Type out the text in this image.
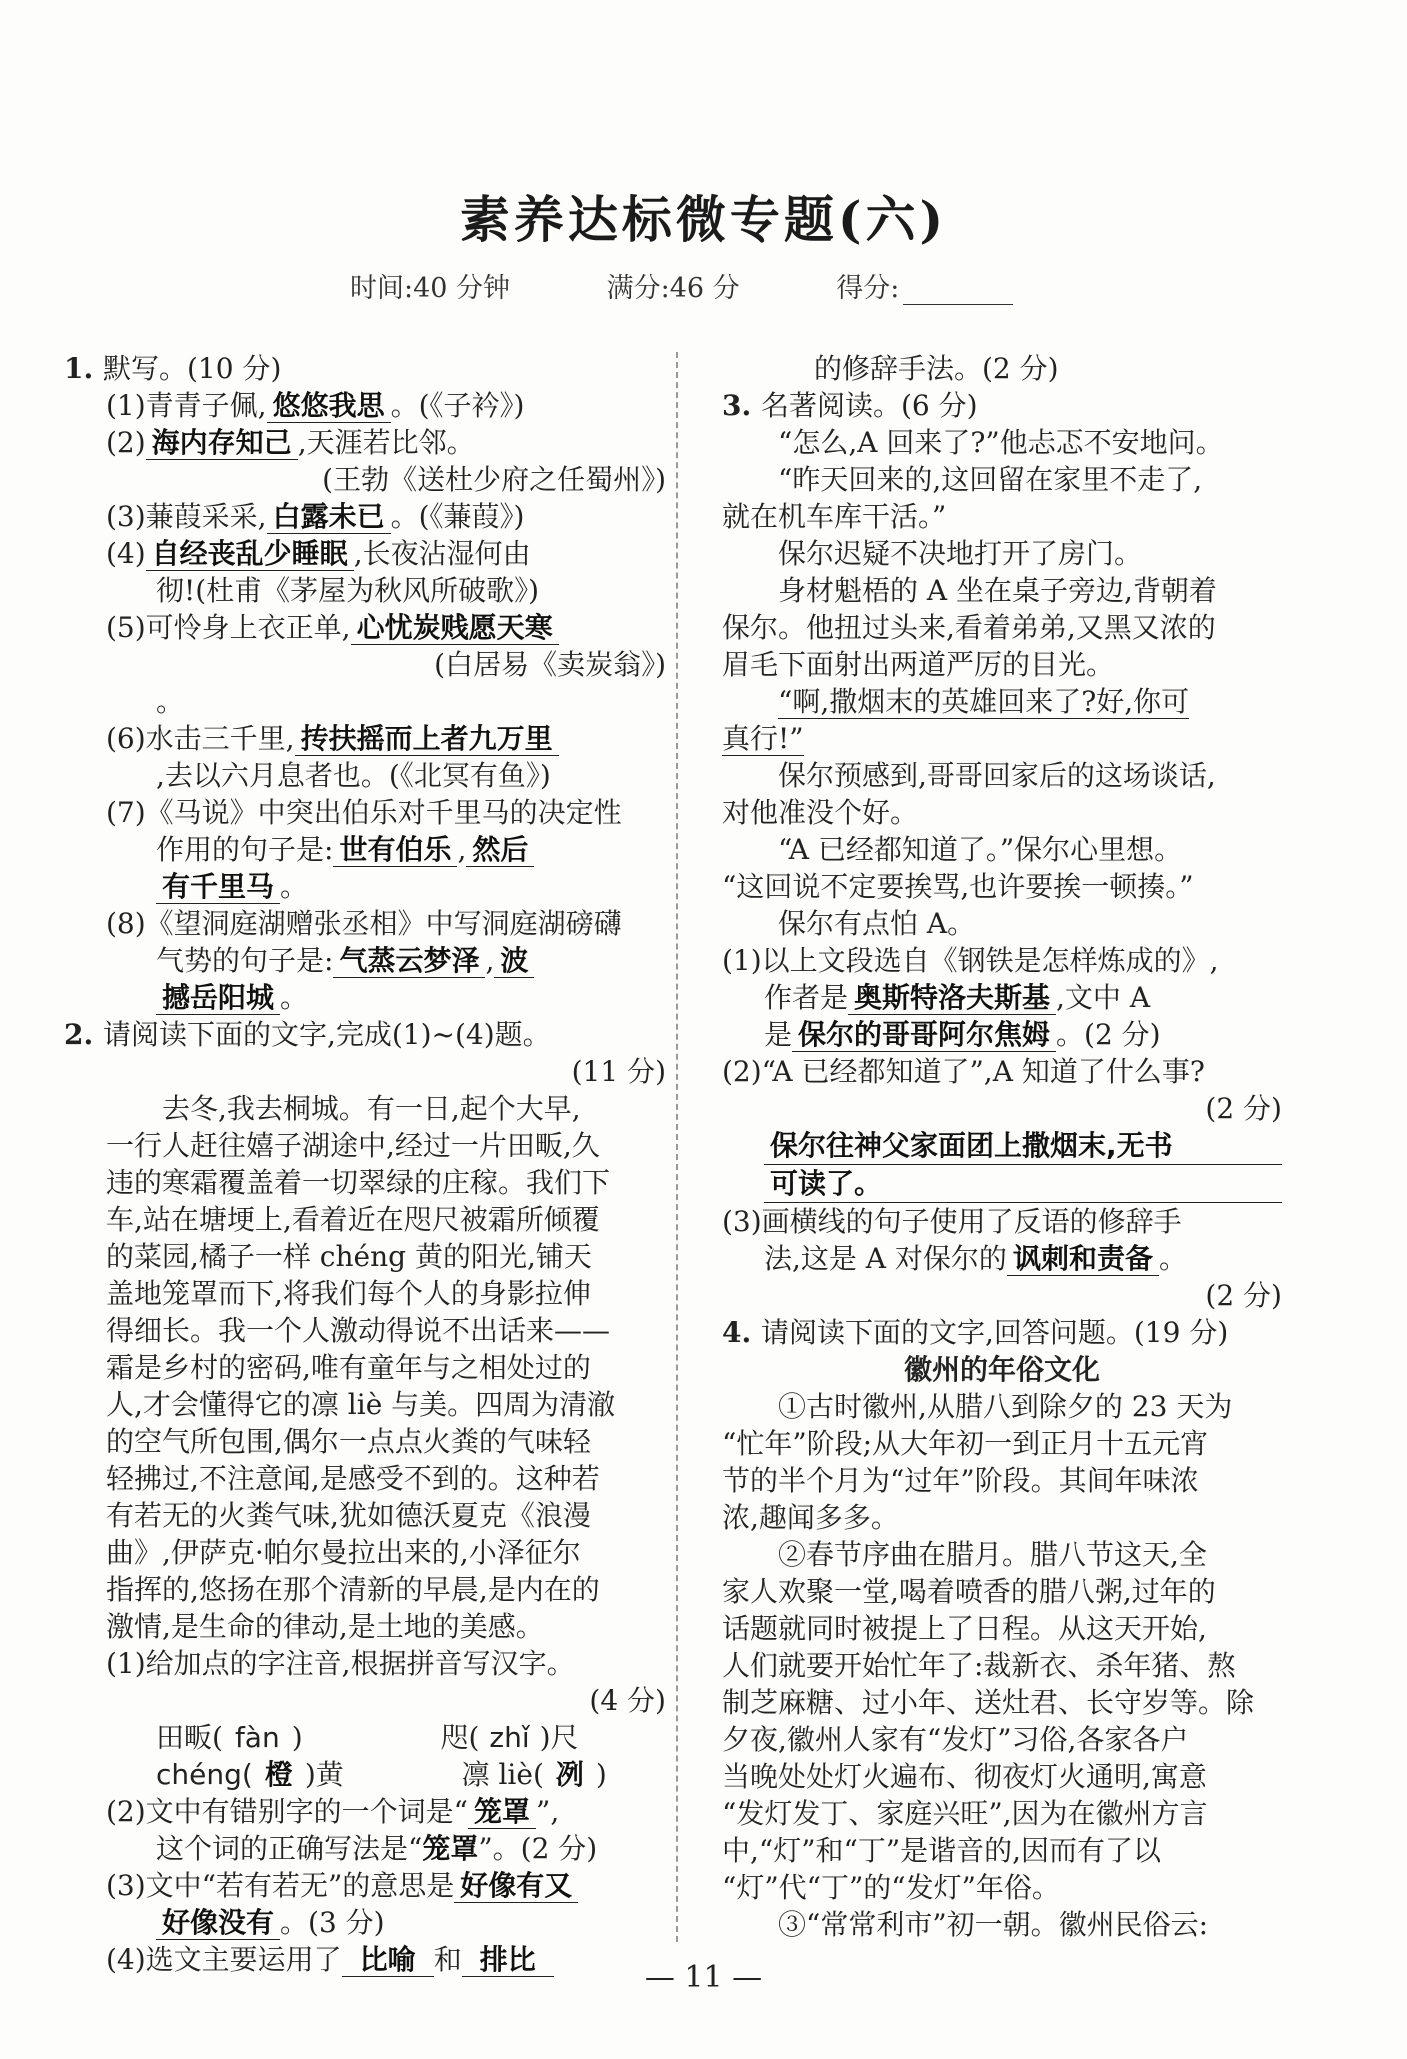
素养达标微专题(六)
时间:40 分钟	满分:46 分	得分:
1. 默写。(10 分)
(1)青青子佩, 悠悠我思 。(《子衿》)
(2) 海内存知己 ,天涯若比邻。
(王勃《送杜少府之任蜀州》)
(3)蒹葭采采, 白露未已 。(《蒹葭》)
(4) 自经丧乱少睡眠 ,长夜沾湿何由
彻!(杜甫《茅屋为秋风所破歌》)
(5)可怜身上衣正单, 心忧炭贱愿天寒
(白居易《卖炭翁》)
。
(6)水击三千里, 抟扶摇而上者九万里
,去以六月息者也。(《北冥有鱼》)
(7)《马说》中突出伯乐对千里马的决定性
作用的句子是: 世有伯乐 , 然后
有千里马 。
(8)《望洞庭湖赠张丞相》中写洞庭湖磅礴
气势的句子是: 气蒸云梦泽 , 波
撼岳阳城 。
2. 请阅读下面的文字,完成(1)~(4)题。
(11 分)
去冬,我去桐城。有一日,起个大早,
一行人赶往嬉子湖途中,经过一片田畈,久
违的寒霜覆盖着一切翠绿的庄稼。我们下
车,站在塘埂上,看着近在咫尺被霜所倾覆
的菜园,橘子一样 chéng 黄的阳光,铺天
盖地笼罩而下,将我们每个人的身影拉伸
得细长。我一个人激动得说不出话来——
霜是乡村的密码,唯有童年与之相处过的
人,才会懂得它的凛 liè 与美。四周为清澈
的空气所包围,偶尔一点点火粪的气味轻
轻拂过,不注意闻,是感受不到的。这种若
有若无的火粪气味,犹如德沃夏克《浪漫
曲》,伊萨克·帕尔曼拉出来的,小泽征尔
指挥的,悠扬在那个清新的早晨,是内在的
激情,是生命的律动,是土地的美感。
(1)给加点的字注音,根据拼音写汉字。
(4 分)
田畈( fàn )	咫( zhǐ )尺
chéng( 橙 )黄	凛 liè( 冽 )
(2)文中有错别字的一个词是“ 笼罩 ”,
这个词的正确写法是“笼罩”。(2 分)
(3)文中“若有若无”的意思是 好像有又
好像没有 。(3 分)
(4)选文主要运用了 比喻 和 排比
的修辞手法。(2 分)
3. 名著阅读。(6 分)
“怎么,A 回来了?”他忐忑不安地问。
“昨天回来的,这回留在家里不走了,
就在机车库干活。”
保尔迟疑不决地打开了房门。
身材魁梧的 A 坐在桌子旁边,背朝着
保尔。他扭过头来,看着弟弟,又黑又浓的
眉毛下面射出两道严厉的目光。
“啊,撒烟末的英雄回来了?好,你可
真行!”
保尔预感到,哥哥回家后的这场谈话,
对他准没个好。
“A 已经都知道了。”保尔心里想。
“这回说不定要挨骂,也许要挨一顿揍。”
保尔有点怕 A。
(1)以上文段选自《钢铁是怎样炼成的》,
作者是 奥斯特洛夫斯基 ,文中 A
是 保尔的哥哥阿尔焦姆 。(2 分)
(2)“A 已经都知道了”,A 知道了什么事?
(2 分)
保尔往神父家面团上撒烟末,无书
可读了。
(3)画横线的句子使用了反语的修辞手
法,这是 A 对保尔的 讽刺和责备 。
(2 分)
4. 请阅读下面的文字,回答问题。(19 分)
徽州的年俗文化
①古时徽州,从腊八到除夕的 23 天为
“忙年”阶段;从大年初一到正月十五元宵
节的半个月为“过年”阶段。其间年味浓
浓,趣闻多多。
②春节序曲在腊月。腊八节这天,全
家人欢聚一堂,喝着喷香的腊八粥,过年的
话题就同时被提上了日程。从这天开始,
人们就要开始忙年了:裁新衣、杀年猪、熬
制芝麻糖、过小年、送灶君、长守岁等。除
夕夜,徽州人家有“发灯”习俗,各家各户
当晚处处灯火遍布、彻夜灯火通明,寓意
“发灯发丁、家庭兴旺”,因为在徽州方言
中,“灯”和“丁”是谐音的,因而有了以
“灯”代“丁”的“发灯”年俗。
③“常常利市”初一朝。徽州民俗云:
— 11 —
